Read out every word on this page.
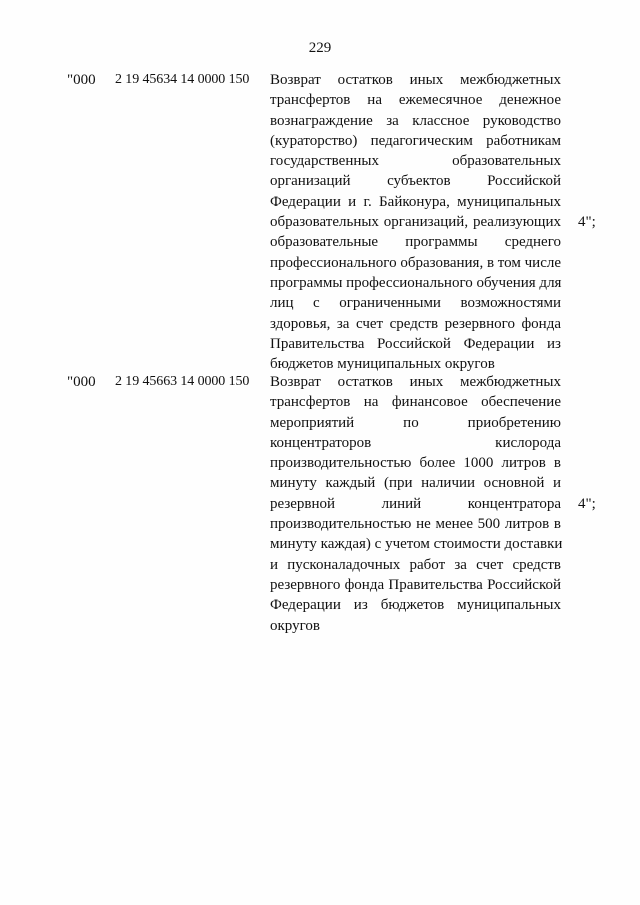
229
"000 2 19 45634 14 0000 150 Возврат остатков иных межбюджетных
трансфертов на ежемесячное денежное
вознаграждение за классное руководство
(кураторство) педагогическим работникам
государственных образовательных
организаций субъектов Российской
Федерации и г. Байконура, муниципальных
образовательных организаций, реализующих
образовательные программы среднего
профессионального образования, в том числе
программы профессионального обучения для
лиц с ограниченными возможностями
здоровья, за счет средств резервного фонда
Правительства Российской Федерации из
бюджетов муниципальных округов
4";
"000 2 19 45663 14 0000 150 Возврат остатков иных межбюджетных
трансфертов на финансовое обеспечение
мероприятий по приобретению
концентраторов кислорода
производительностью более 1000 литров в
минуту каждый (при наличии основной и
резервной линий концентратора
производительностью не менее 500 литров в
минуту каждая) с учетом стоимости доставки
и пусконаладочных работ за счет средств
резервного фонда Правительства Российской
Федерации из бюджетов муниципальных
округов
4";
